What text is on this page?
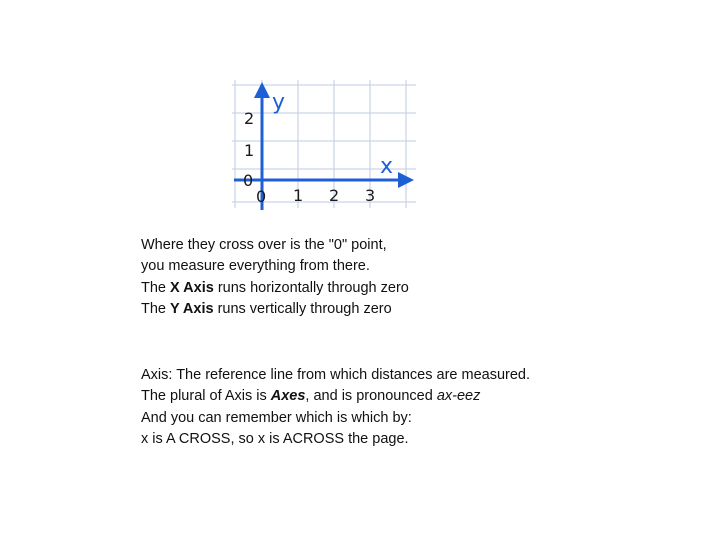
y
x
2
1
0
0 1 2 3
Where they cross over is the "0" point,
you measure everything from there.
The X Axis runs horizontally through zero
The Y Axis runs vertically through zero
Axis: The reference line from which distances are measured.
The plural of Axis is Axes, and is pronounced ax-eez
And you can remember which is which by:
x is A CROSS, so x is ACROSS the page.
